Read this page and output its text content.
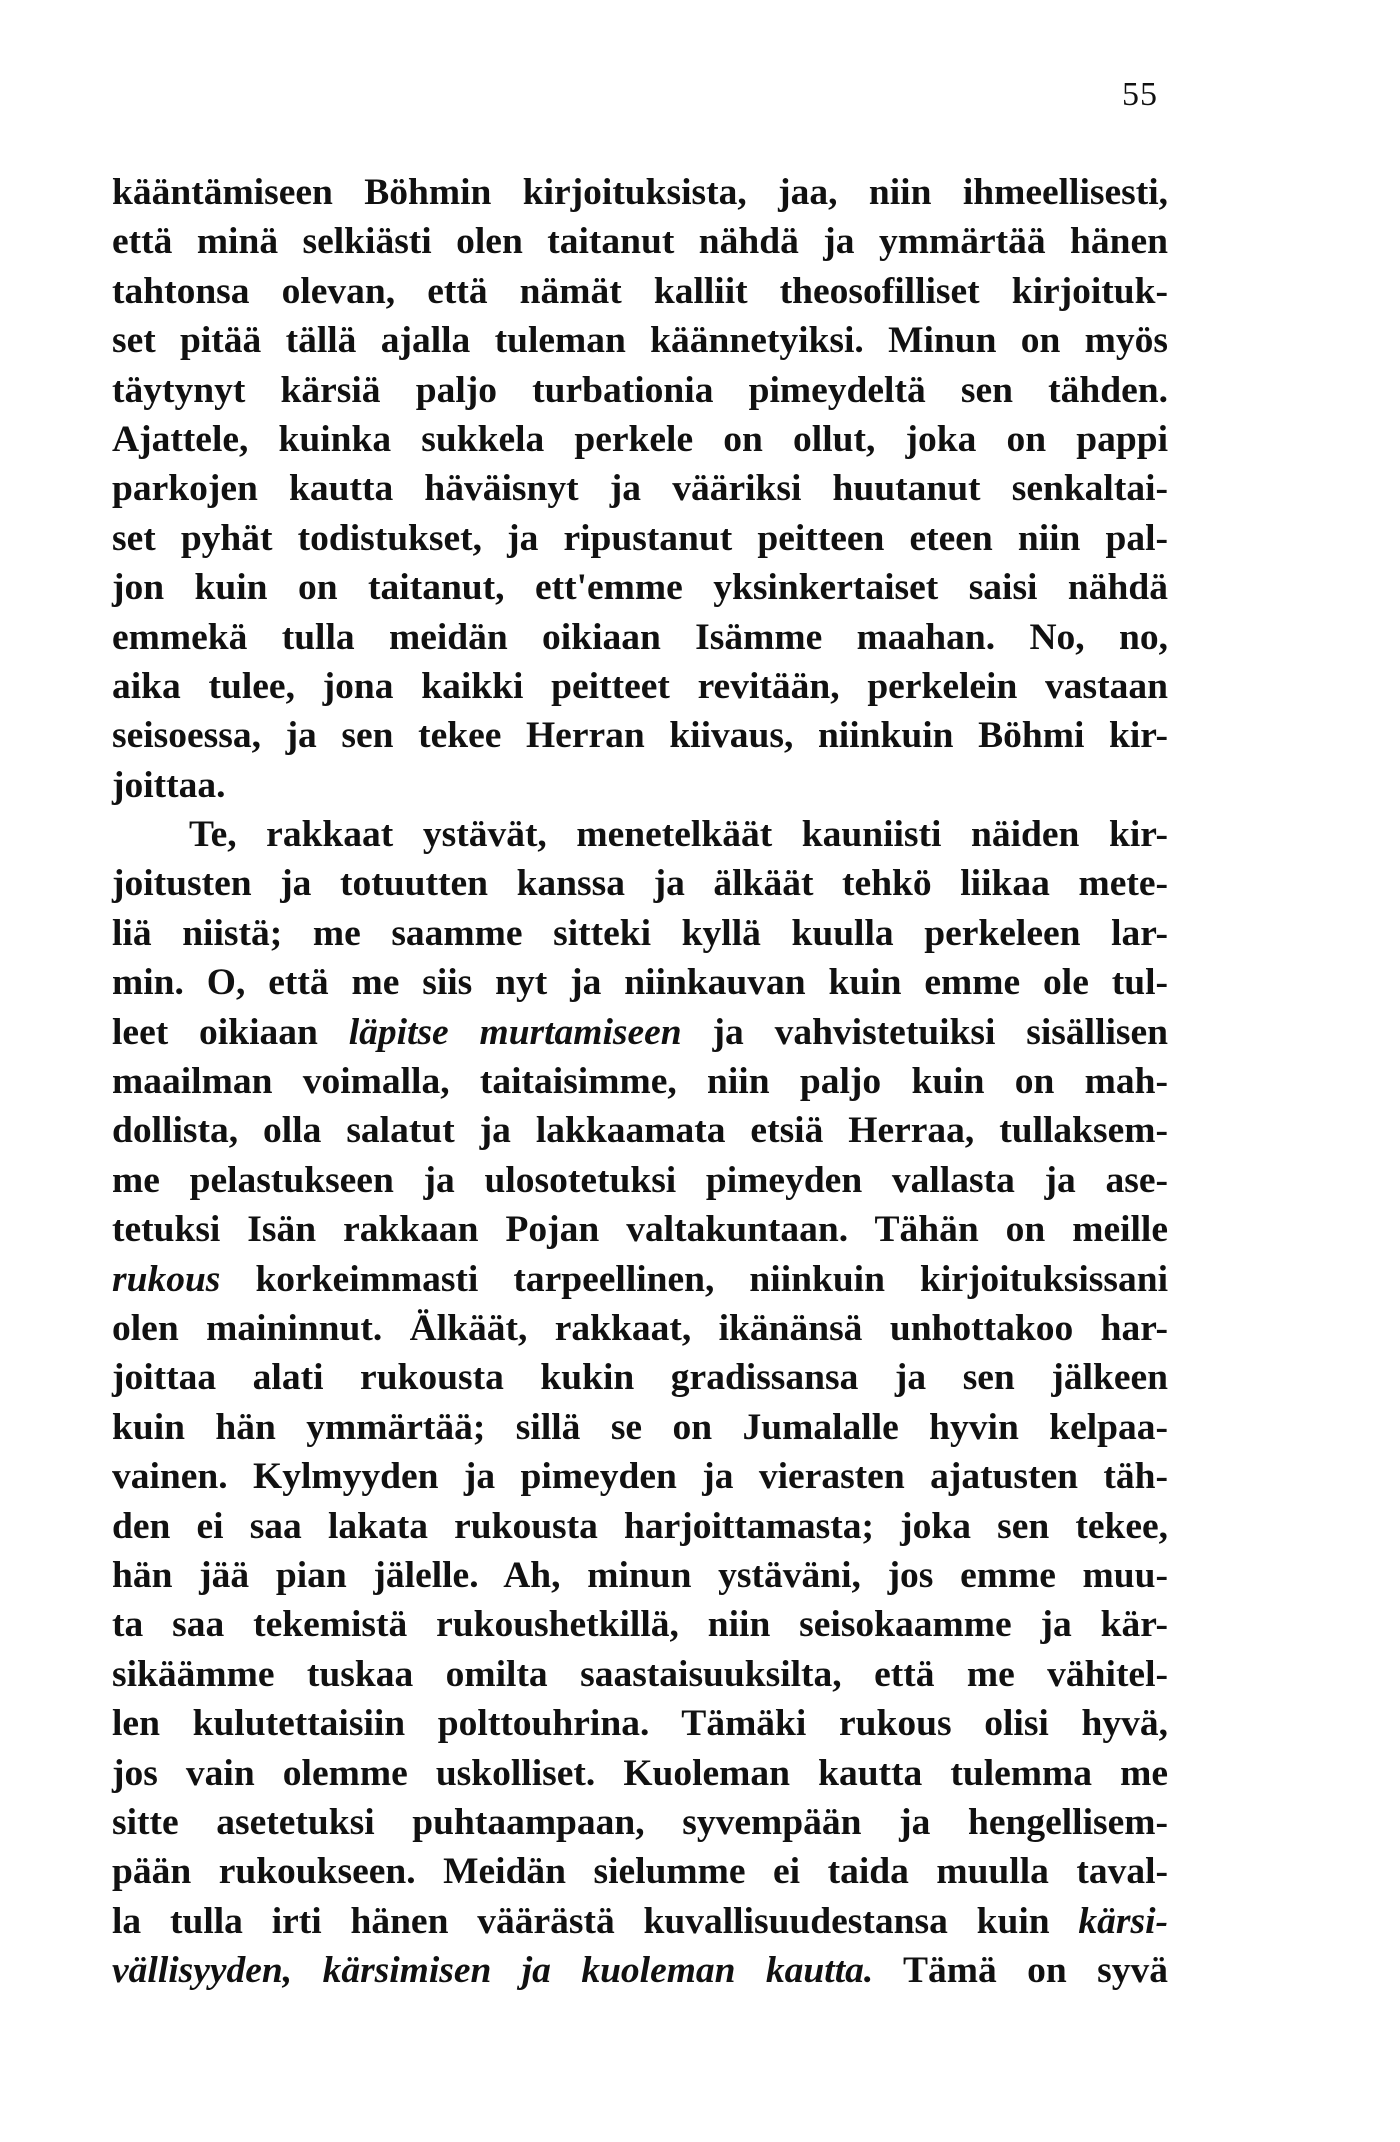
55
kääntämiseen Böhmin kirjoituksista, jaa, niin ihmeellisesti,
että minä selkiästi olen taitanut nähdä ja ymmärtää hänen
tahtonsa olevan, että nämät kalliit theosofilliset kirjoituk-
set pitää tällä ajalla tuleman käännetyiksi. Minun on myös
täytynyt kärsiä paljo turbationia pimeydeltä sen tähden.
Ajattele, kuinka sukkela perkele on ollut, joka on pappi
parkojen kautta häväisnyt ja vääriksi huutanut senkaltai-
set pyhät todistukset, ja ripustanut peitteen eteen niin pal-
jon kuin on taitanut, ett'emme yksinkertaiset saisi nähdä
emmekä tulla meidän oikiaan Isämme maahan. No, no,
aika tulee, jona kaikki peitteet revitään, perkelein vastaan
seisoessa, ja sen tekee Herran kiivaus, niinkuin Böhmi kir-
joittaa.
Te, rakkaat ystävät, menetelkäät kauniisti näiden kir-
joitusten ja totuutten kanssa ja älkäät tehkö liikaa mete-
liä niistä; me saamme sitteki kyllä kuulla perkeleen lar-
min. O, että me siis nyt ja niinkauvan kuin emme ole tul-
leet oikiaan läpitse murtamiseen ja vahvistetuiksi sisällisen
maailman voimalla, taitaisimme, niin paljo kuin on mah-
dollista, olla salatut ja lakkaamata etsiä Herraa, tullaksem-
me pelastukseen ja ulosotetuksi pimeyden vallasta ja ase-
tetuksi Isän rakkaan Pojan valtakuntaan. Tähän on meille
rukous korkeimmasti tarpeellinen, niinkuin kirjoituksissani
olen maininnut. Älkäät, rakkaat, ikänänsä unhottakoo har-
joittaa alati rukousta kukin gradissansa ja sen jälkeen
kuin hän ymmärtää; sillä se on Jumalalle hyvin kelpaa-
vainen. Kylmyyden ja pimeyden ja vierasten ajatusten täh-
den ei saa lakata rukousta harjoittamasta; joka sen tekee,
hän jää pian jälelle. Ah, minun ystäväni, jos emme muu-
ta saa tekemistä rukoushetkillä, niin seisokaamme ja kär-
sikäämme tuskaa omilta saastaisuuksilta, että me vähitel-
len kulutettaisiin polttouhrina. Tämäki rukous olisi hyvä,
jos vain olemme uskolliset. Kuoleman kautta tulemma me
sitte asetetuksi puhtaampaan, syvempään ja hengellisem-
pään rukoukseen. Meidän sielumme ei taida muulla taval-
la tulla irti hänen väärästä kuvallisuudestansa kuin kärsi-
vällisyyden, kärsimisen ja kuoleman kautta. Tämä on syvä
